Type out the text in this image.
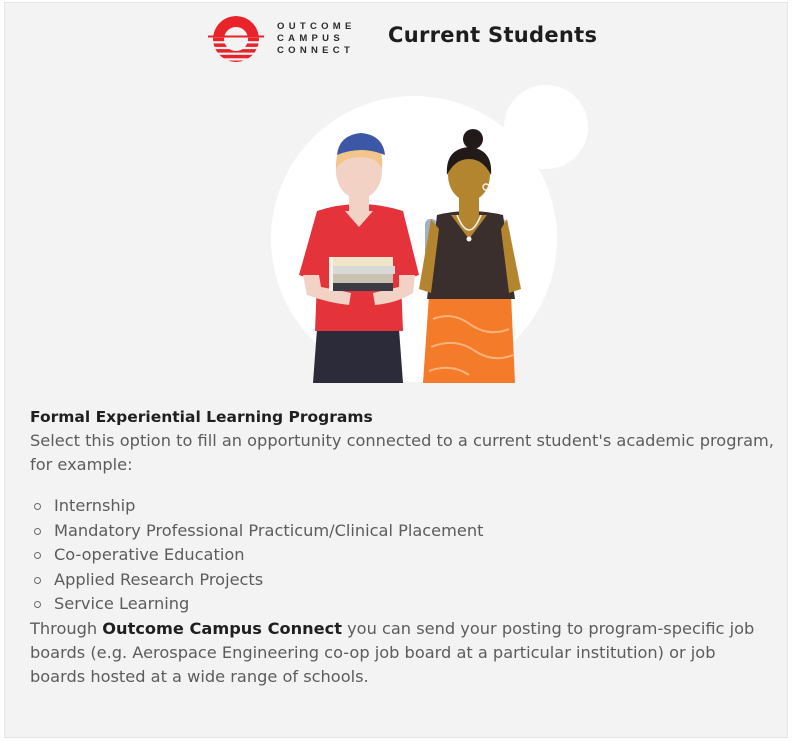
OUTCOME
CAMPUS
CONNECT
Current Students
Formal Experiential Learning Programs

Select this option to fill an opportunity connected to a current student's academic program, for example:

Internship
Mandatory Professional Practicum/Clinical Placement
Co-operative Education
Applied Research Projects
Service Learning

Through Outcome Campus Connect you can send your posting to program-specific job boards (e.g. Aerospace Engineering co-op job board at a particular institution) or job boards hosted at a wide range of schools.
